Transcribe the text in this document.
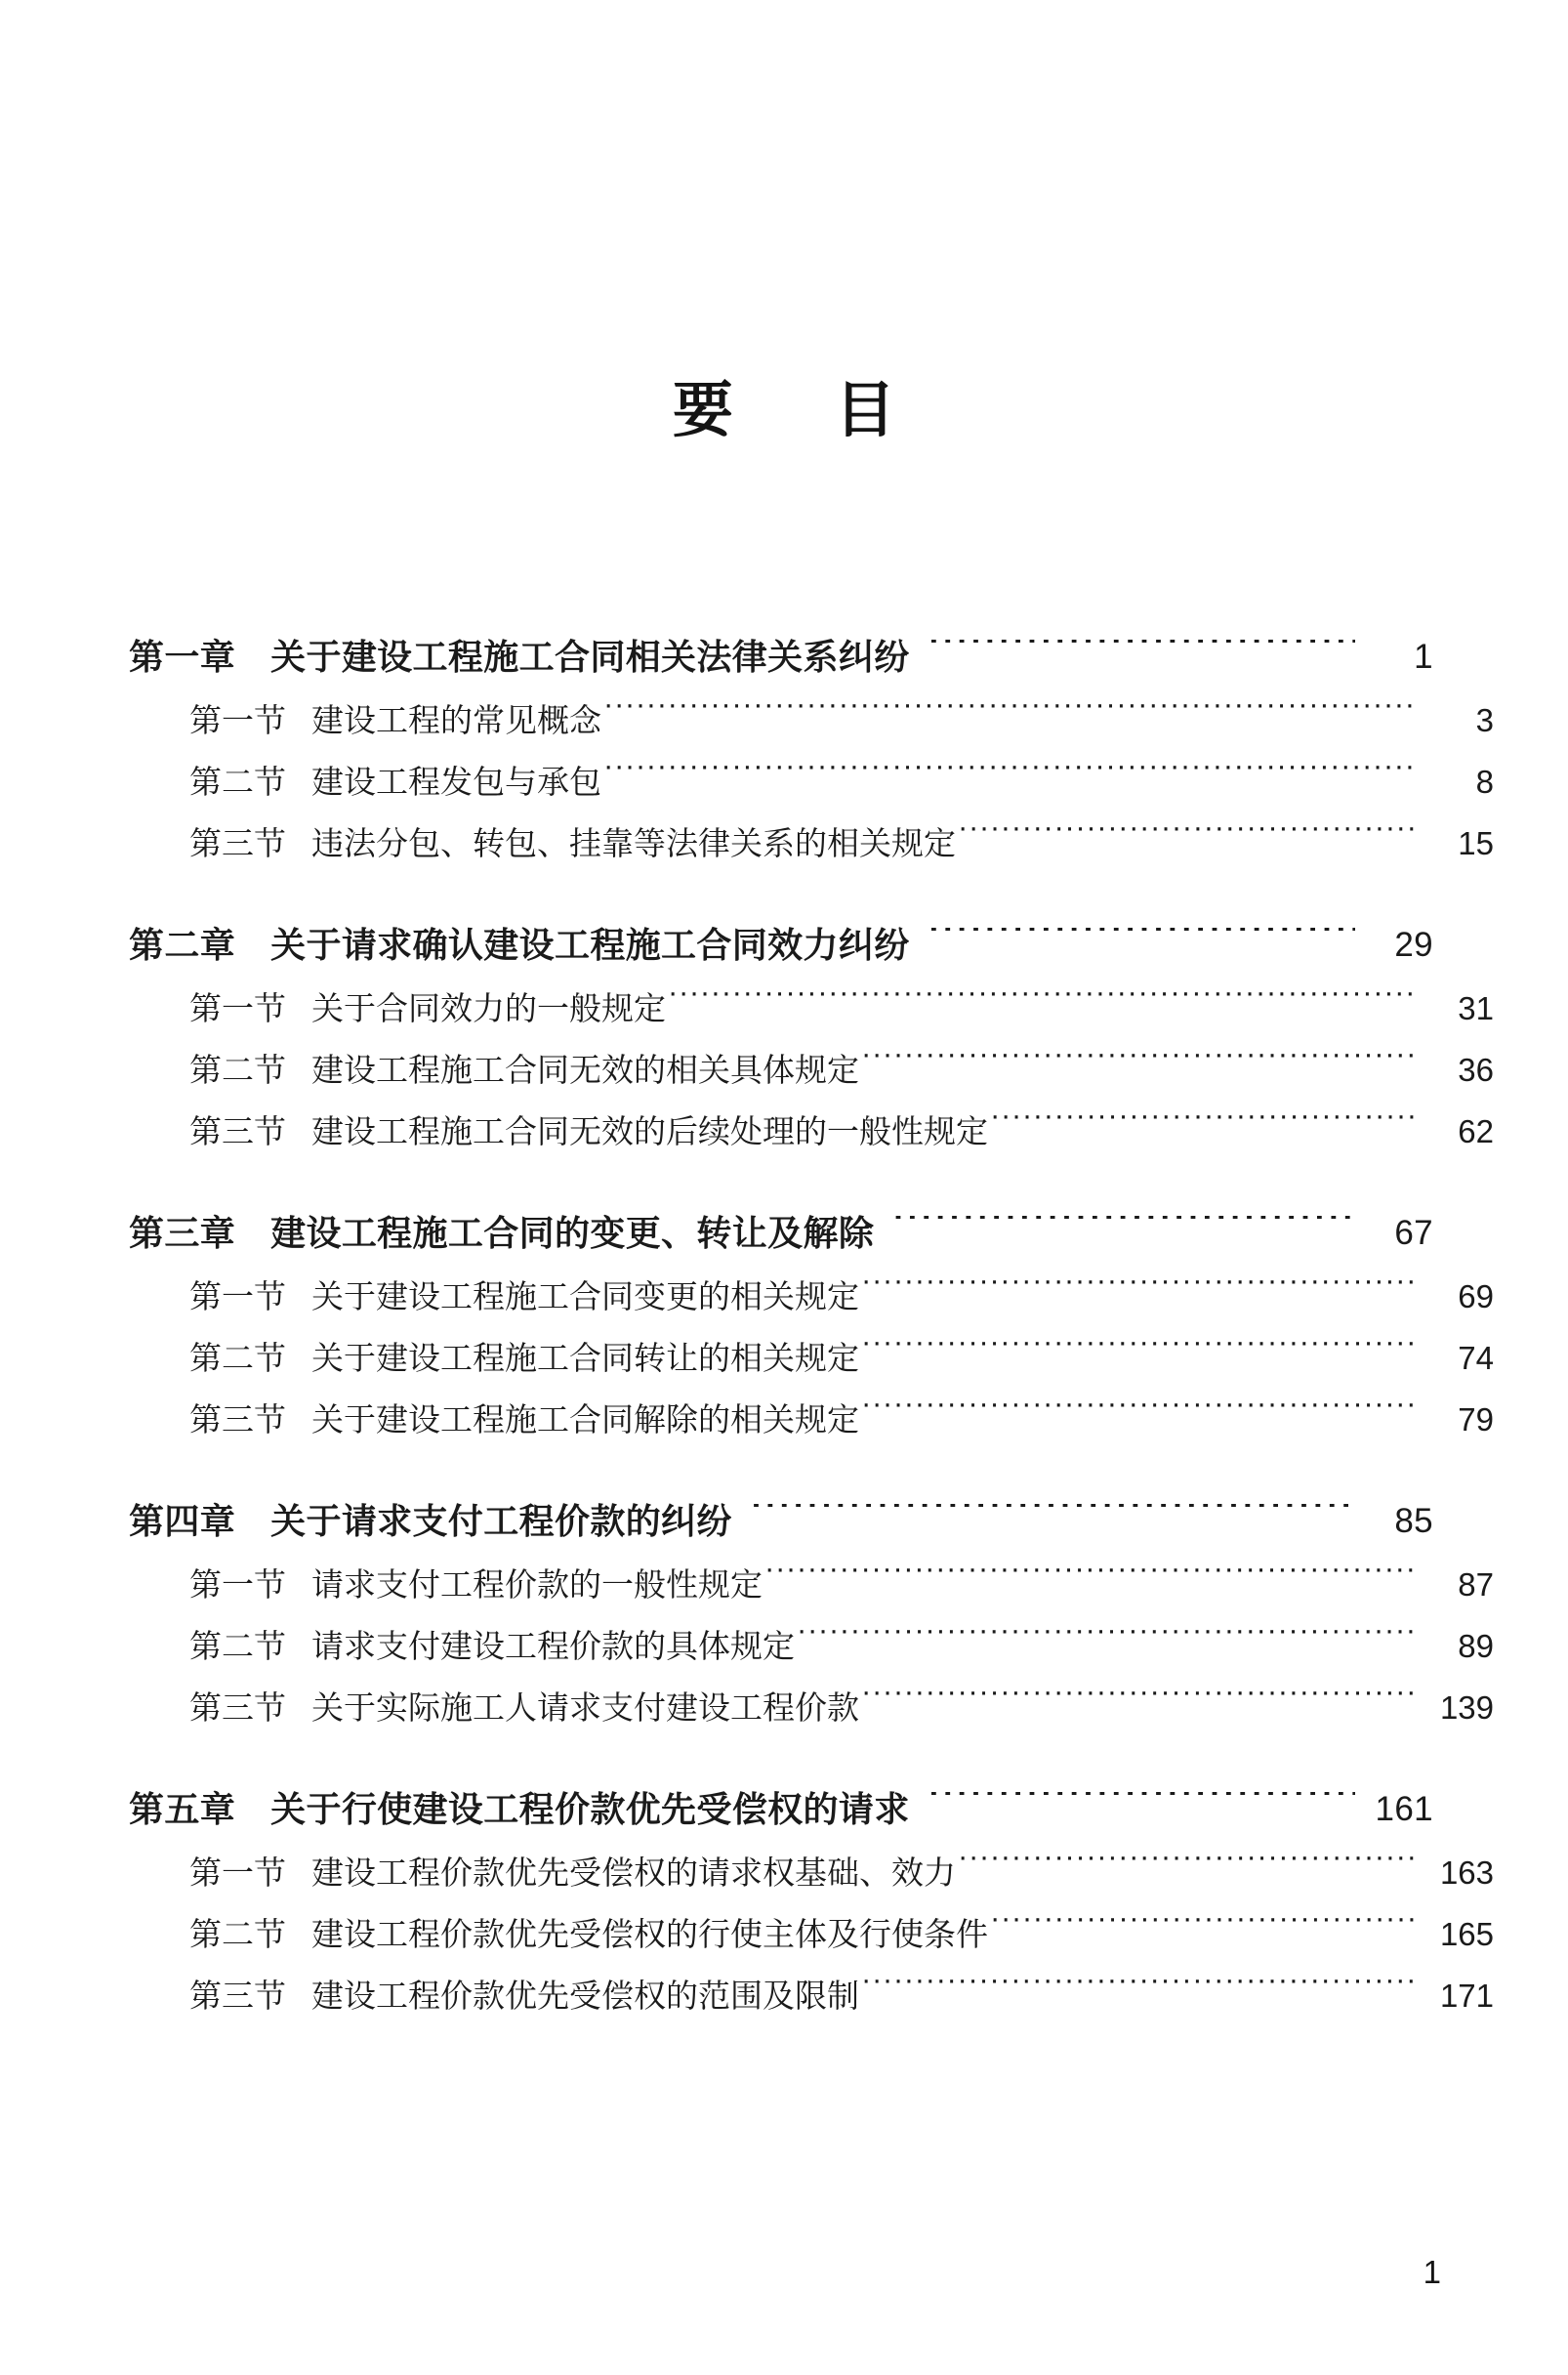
要　目
第一章 关于建设工程施工合同相关法律关系纠纷 ·····	1
第一节 建设工程的常见概念 ·····	3
第二节 建设工程发包与承包 ·····	8
第三节 违法分包、转包、挂靠等法律关系的相关规定 ·····	15
第二章 关于请求确认建设工程施工合同效力纠纷 ·····	29
第一节 关于合同效力的一般规定 ·····	31
第二节 建设工程施工合同无效的相关具体规定 ·····	36
第三节 建设工程施工合同无效的后续处理的一般性规定 ·····	62
第三章 建设工程施工合同的变更、转让及解除 ·····	67
第一节 关于建设工程施工合同变更的相关规定 ·····	69
第二节 关于建设工程施工合同转让的相关规定 ·····	74
第三节 关于建设工程施工合同解除的相关规定 ·····	79
第四章 关于请求支付工程价款的纠纷 ·····	85
第一节 请求支付工程价款的一般性规定 ·····	87
第二节 请求支付建设工程价款的具体规定 ·····	89
第三节 关于实际施工人请求支付建设工程价款 ·····	139
第五章 关于行使建设工程价款优先受偿权的请求 ·····	161
第一节 建设工程价款优先受偿权的请求权基础、效力 ·····	163
第二节 建设工程价款优先受偿权的行使主体及行使条件 ·····	165
第三节 建设工程价款优先受偿权的范围及限制 ·····	171
1
